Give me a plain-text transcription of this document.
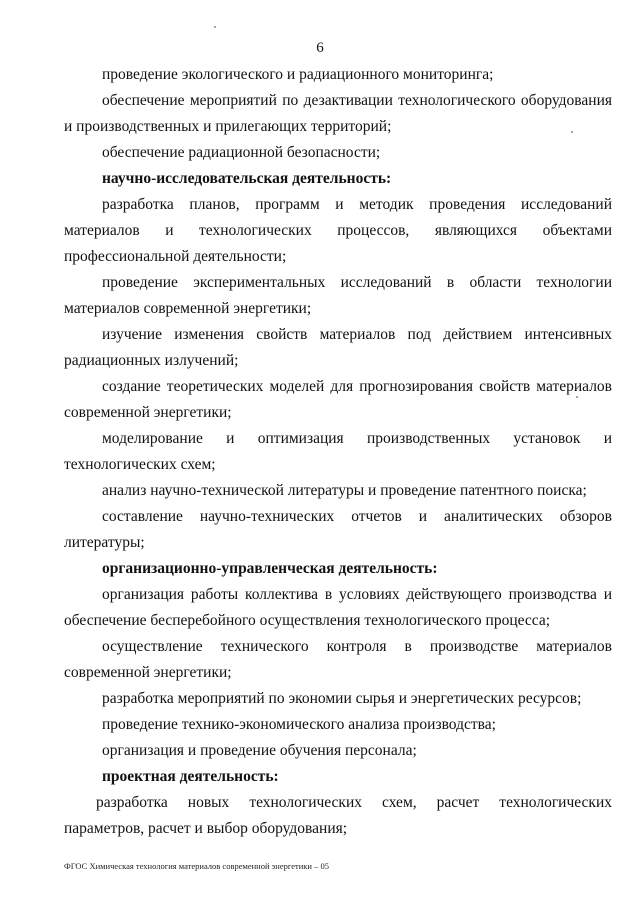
6

проведение экологического и радиационного мониторинга;

обеспечение мероприятий по дезактивации технологического оборудования и производственных и прилегающих территорий;

обеспечение радиационной безопасности;

научно-исследовательская деятельность:

разработка планов, программ и методик проведения исследований материалов и технологических процессов, являющихся объектами профессиональной деятельности;

проведение экспериментальных исследований в области технологии материалов современной энергетики;

изучение изменения свойств материалов под действием интенсивных радиационных излучений;

создание теоретических моделей для прогнозирования свойств материалов современной энергетики;

моделирование и оптимизация производственных установок и технологических схем;

анализ научно-технической литературы и проведение патентного поиска;

составление научно-технических отчетов и аналитических обзоров литературы;

организационно-управленческая деятельность:

организация работы коллектива в условиях действующего производства и обеспечение бесперебойного осуществления технологического процесса;

осуществление технического контроля в производстве материалов современной энергетики;

разработка мероприятий по экономии сырья и энергетических ресурсов;

проведение технико-экономического анализа производства;

организация и проведение обучения персонала;

проектная деятельность:

разработка новых технологических схем, расчет технологических параметров, расчет и выбор оборудования;

ФГОС Химическая технология материалов современной энергетики – 05
